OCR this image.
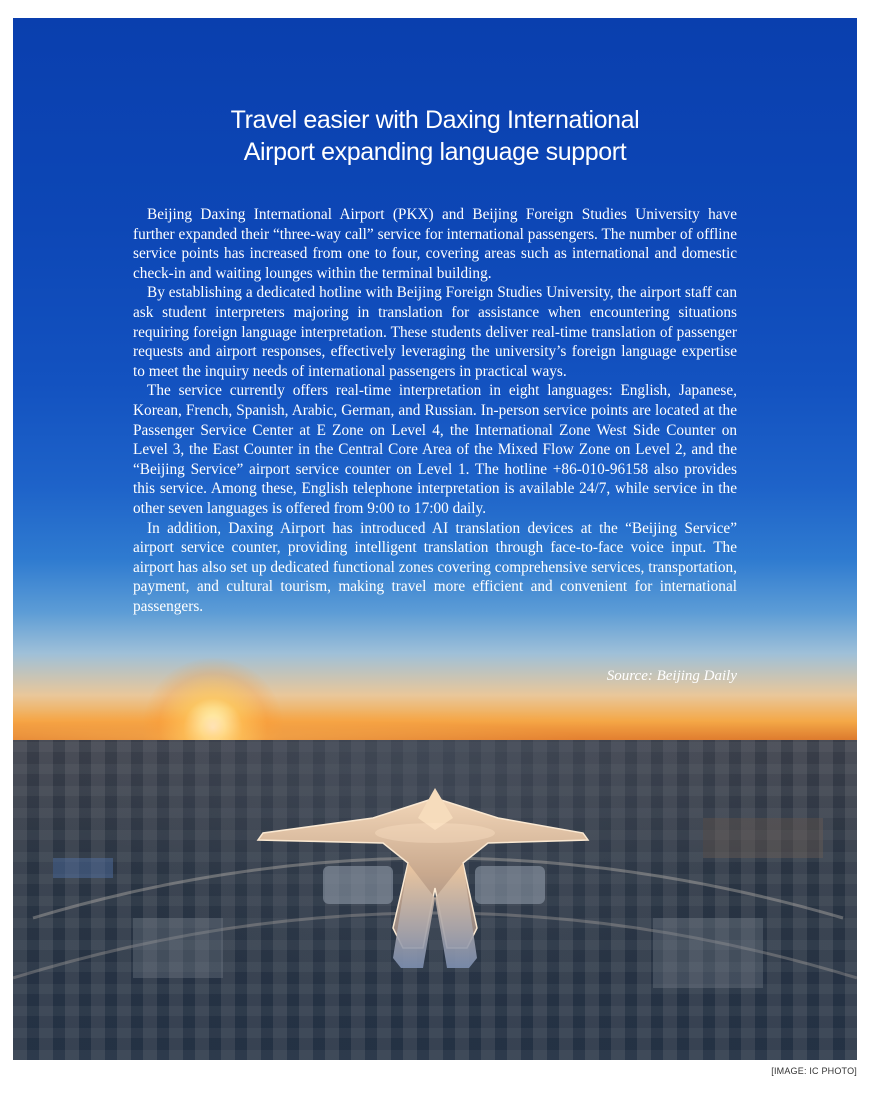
Travel easier with Daxing International
Airport expanding language support

Beijing Daxing International Airport (PKX) and Beijing Foreign Studies University have further expanded their “three-way call” service for international passengers. The number of offline service points has increased from one to four, covering areas such as international and domestic check-in and waiting lounges within the terminal building.

By establishing a dedicated hotline with Beijing Foreign Studies University, the airport staff can ask student interpreters majoring in translation for assistance when encountering situations requiring foreign language interpretation. These students deliver real-time translation of passenger requests and airport responses, effectively leveraging the university’s foreign language expertise to meet the inquiry needs of international passengers in practical ways.

The service currently offers real-time interpretation in eight languages: English, Japanese, Korean, French, Spanish, Arabic, German, and Russian. In-person service points are located at the Passenger Service Center at E Zone on Level 4, the International Zone West Side Counter on Level 3, the East Counter in the Central Core Area of the Mixed Flow Zone on Level 2, and the “Beijing Service” airport service counter on Level 1. The hotline +86-010-96158 also provides this service. Among these, English telephone interpretation is available 24/7, while service in the other seven languages is offered from 9:00 to 17:00 daily.

In addition, Daxing Airport has introduced AI translation devices at the “Beijing Service” airport service counter, providing intelligent translation through face-to-face voice input. The airport has also set up dedicated functional zones covering comprehensive services, transportation, payment, and cultural tourism, making travel more efficient and convenient for international passengers.

Source: Beijing Daily
[IMAGE: IC PHOTO]
